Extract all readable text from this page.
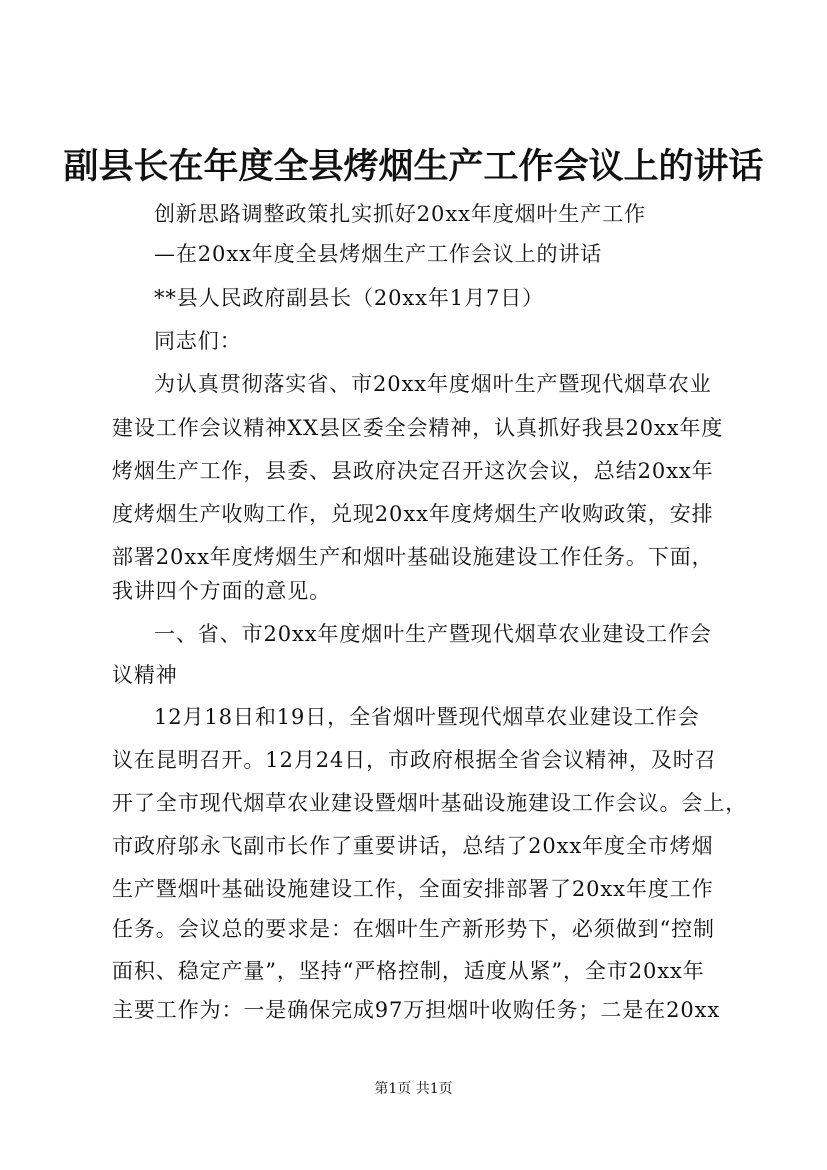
副县长在年度全县烤烟生产工作会议上的讲话
创新思路调整政策扎实抓好20xx年度烟叶生产工作
—在20xx年度全县烤烟生产工作会议上的讲话
**县人民政府副县长（20xx年1月7日）
同志们：
为认真贯彻落实省、市20xx年度烟叶生产暨现代烟草农业
建设工作会议精神XX县区委全会精神，认真抓好我县20xx年度
烤烟生产工作，县委、县政府决定召开这次会议，总结20xx年
度烤烟生产收购工作，兑现20xx年度烤烟生产收购政策，安排
部署20xx年度烤烟生产和烟叶基础设施建设工作任务。下面，
我讲四个方面的意见。
一、省、市20xx年度烟叶生产暨现代烟草农业建设工作会
议精神
12月18日和19日，全省烟叶暨现代烟草农业建设工作会
议在昆明召开。12月24日，市政府根据全省会议精神，及时召
开了全市现代烟草农业建设暨烟叶基础设施建设工作会议。会上，
市政府邬永飞副市长作了重要讲话，总结了20xx年度全市烤烟
生产暨烟叶基础设施建设工作，全面安排部署了20xx年度工作
任务。会议总的要求是：在烟叶生产新形势下，必须做到“控制
面积、稳定产量”，坚持“严格控制，适度从紧”，全市20xx年
主要工作为：一是确保完成97万担烟叶收购任务；二是在20xx
第1页 共1页
